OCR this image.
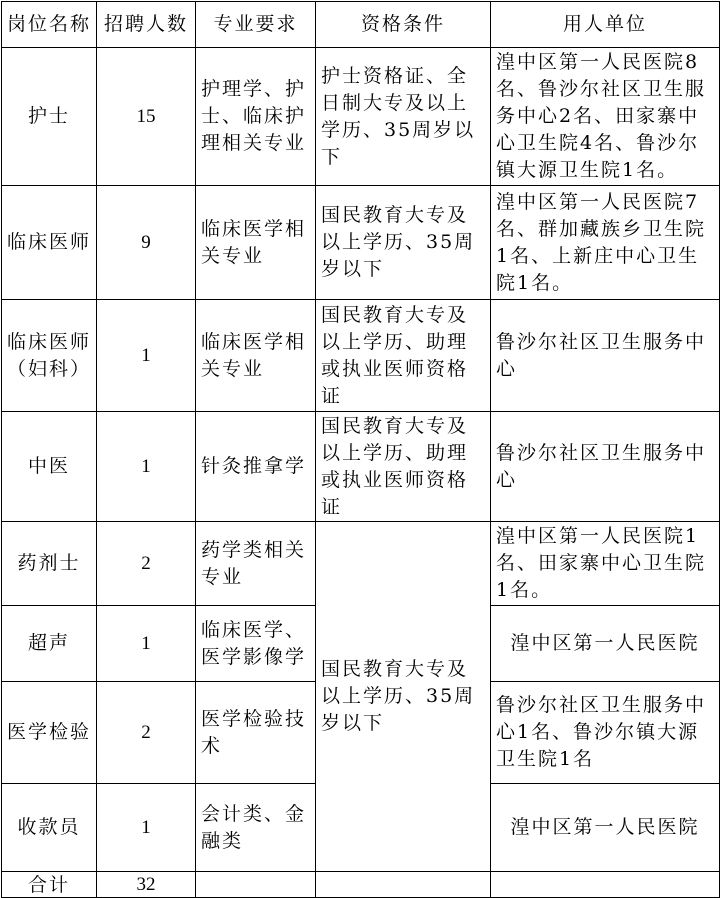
岗位名称	招聘人数	专业要求	资格条件	用人单位
护士	15	护理学、护士、临床护理相关专业	护士资格证、全日制大专及以上学历、35周岁以下	湟中区第一人民医院8名、鲁沙尔社区卫生服务中心2名、田家寨中心卫生院4名、鲁沙尔镇大源卫生院1名。
临床医师	9	临床医学相关专业	国民教育大专及以上学历、35周岁以下	湟中区第一人民医院7名、群加藏族乡卫生院1名、上新庄中心卫生院1名。
临床医师（妇科）	1	临床医学相关专业	国民教育大专及以上学历、助理或执业医师资格证	鲁沙尔社区卫生服务中心
中医	1	针灸推拿学	国民教育大专及以上学历、助理或执业医师资格证	鲁沙尔社区卫生服务中心
药剂士	2	药学类相关专业	国民教育大专及以上学历、35周岁以下	湟中区第一人民医院1名、田家寨中心卫生院1名。
超声	1	临床医学、医学影像学		湟中区第一人民医院
医学检验	2	医学检验技术		鲁沙尔社区卫生服务中心1名、鲁沙尔镇大源卫生院1名
收款员	1	会计类、金融类		湟中区第一人民医院
合计	32			
